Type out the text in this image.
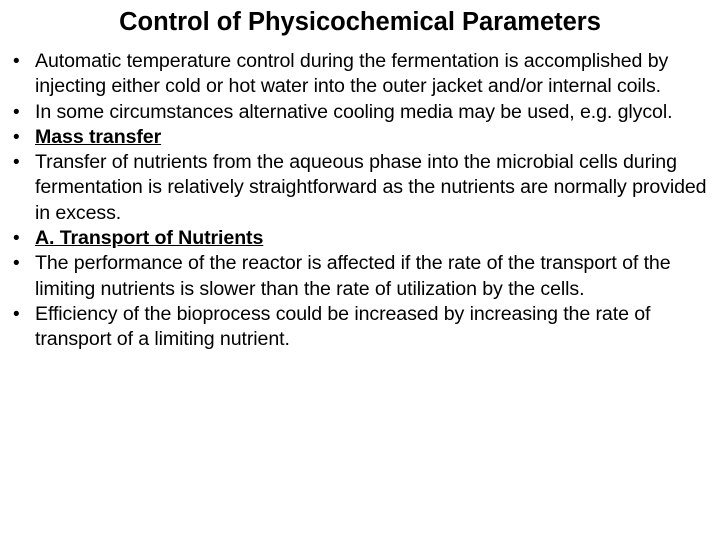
Control of Physicochemical Parameters
• Automatic temperature control during the fermentation is accomplished by injecting either cold or hot water into the outer jacket and/or internal coils.
• In some circumstances alternative cooling media may be used, e.g. glycol.
• Mass transfer
• Transfer of nutrients from the aqueous phase into the microbial cells during fermentation is relatively straightforward as the nutrients are normally provided in excess.
• A. Transport of Nutrients
• The performance of the reactor is affected if the rate of the transport of the limiting nutrients is slower than the rate of utilization by the cells.
• Efficiency of the bioprocess could be increased by increasing the rate of transport of a limiting nutrient.
